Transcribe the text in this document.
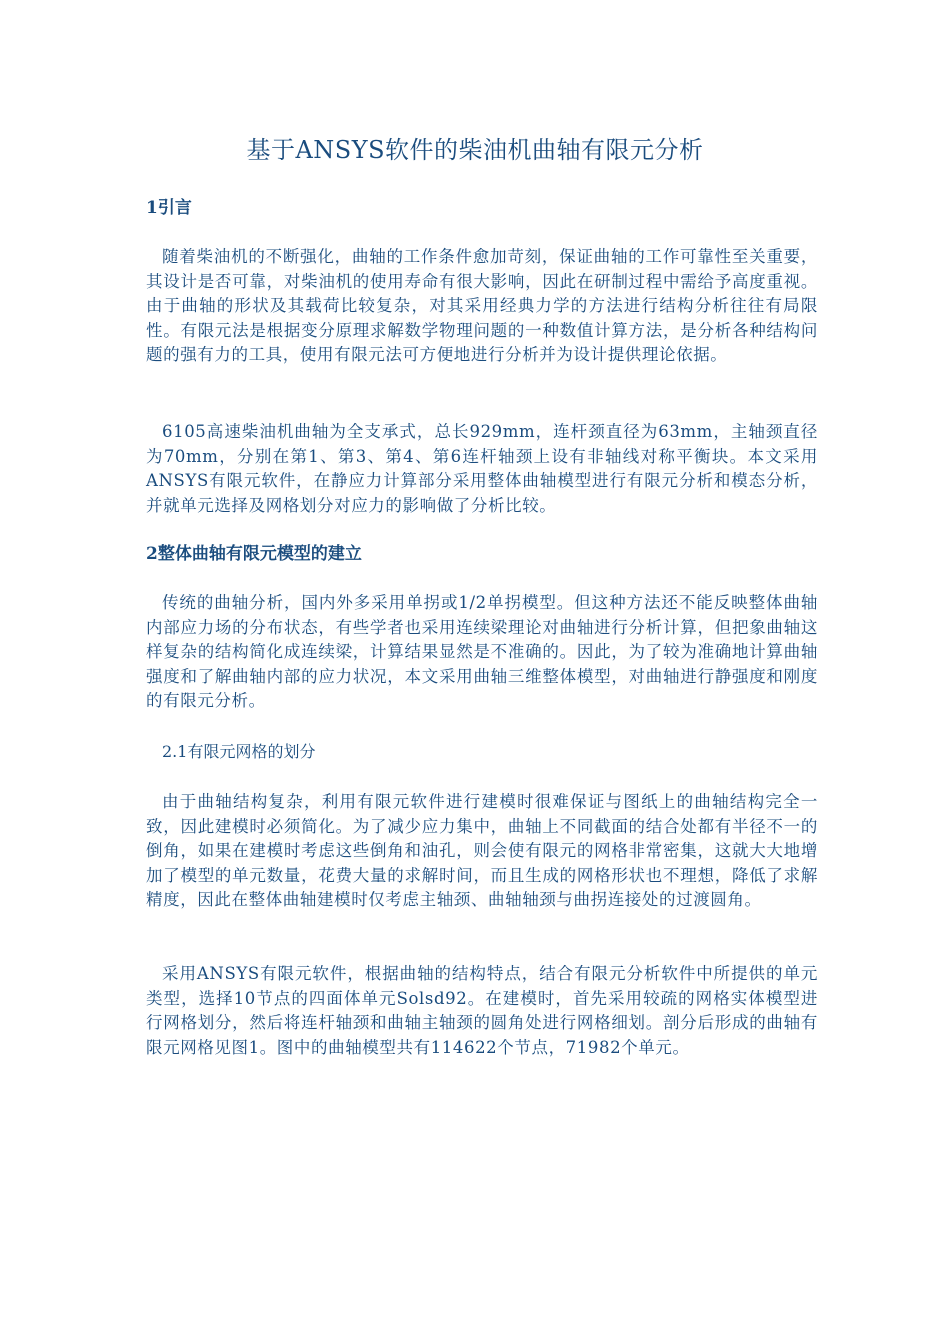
基于ANSYS软件的柴油机曲轴有限元分析
1引言

随着柴油机的不断强化，曲轴的工作条件愈加苛刻，保证曲轴的工作可靠性至关重要，其设计是否可靠，对柴油机的使用寿命有很大影响，因此在研制过程中需给予高度重视。由于曲轴的形状及其载荷比较复杂，对其采用经典力学的方法进行结构分析往往有局限性。有限元法是根据变分原理求解数学物理问题的一种数值计算方法，是分析各种结构问题的强有力的工具，使用有限元法可方便地进行分析并为设计提供理论依据。

6105高速柴油机曲轴为全支承式，总长929mm，连杆颈直径为63mm，主轴颈直径为70mm，分别在第1、第3、第4、第6连杆轴颈上设有非轴线对称平衡块。本文采用ANSYS有限元软件，在静应力计算部分采用整体曲轴模型进行有限元分析和模态分析，并就单元选择及网格划分对应力的影响做了分析比较。

2整体曲轴有限元模型的建立

传统的曲轴分析，国内外多采用单拐或1/2单拐模型。但这种方法还不能反映整体曲轴内部应力场的分布状态，有些学者也采用连续梁理论对曲轴进行分析计算，但把象曲轴这样复杂的结构简化成连续梁，计算结果显然是不准确的。因此，为了较为准确地计算曲轴强度和了解曲轴内部的应力状况，本文采用曲轴三维整体模型，对曲轴进行静强度和刚度的有限元分析。

2.1有限元网格的划分

由于曲轴结构复杂，利用有限元软件进行建模时很难保证与图纸上的曲轴结构完全一致，因此建模时必须简化。为了减少应力集中，曲轴上不同截面的结合处都有半径不一的倒角，如果在建模时考虑这些倒角和油孔，则会使有限元的网格非常密集，这就大大地增加了模型的单元数量，花费大量的求解时间，而且生成的网格形状也不理想，降低了求解精度，因此在整体曲轴建模时仅考虑主轴颈、曲轴轴颈与曲拐连接处的过渡圆角。

采用ANSYS有限元软件，根据曲轴的结构特点，结合有限元分析软件中所提供的单元类型，选择10节点的四面体单元Solsd92。在建模时，首先采用较疏的网格实体模型进行网格划分，然后将连杆轴颈和曲轴主轴颈的圆角处进行网格细划。剖分后形成的曲轴有限元网格见图1。图中的曲轴模型共有114622个节点，71982个单元。
